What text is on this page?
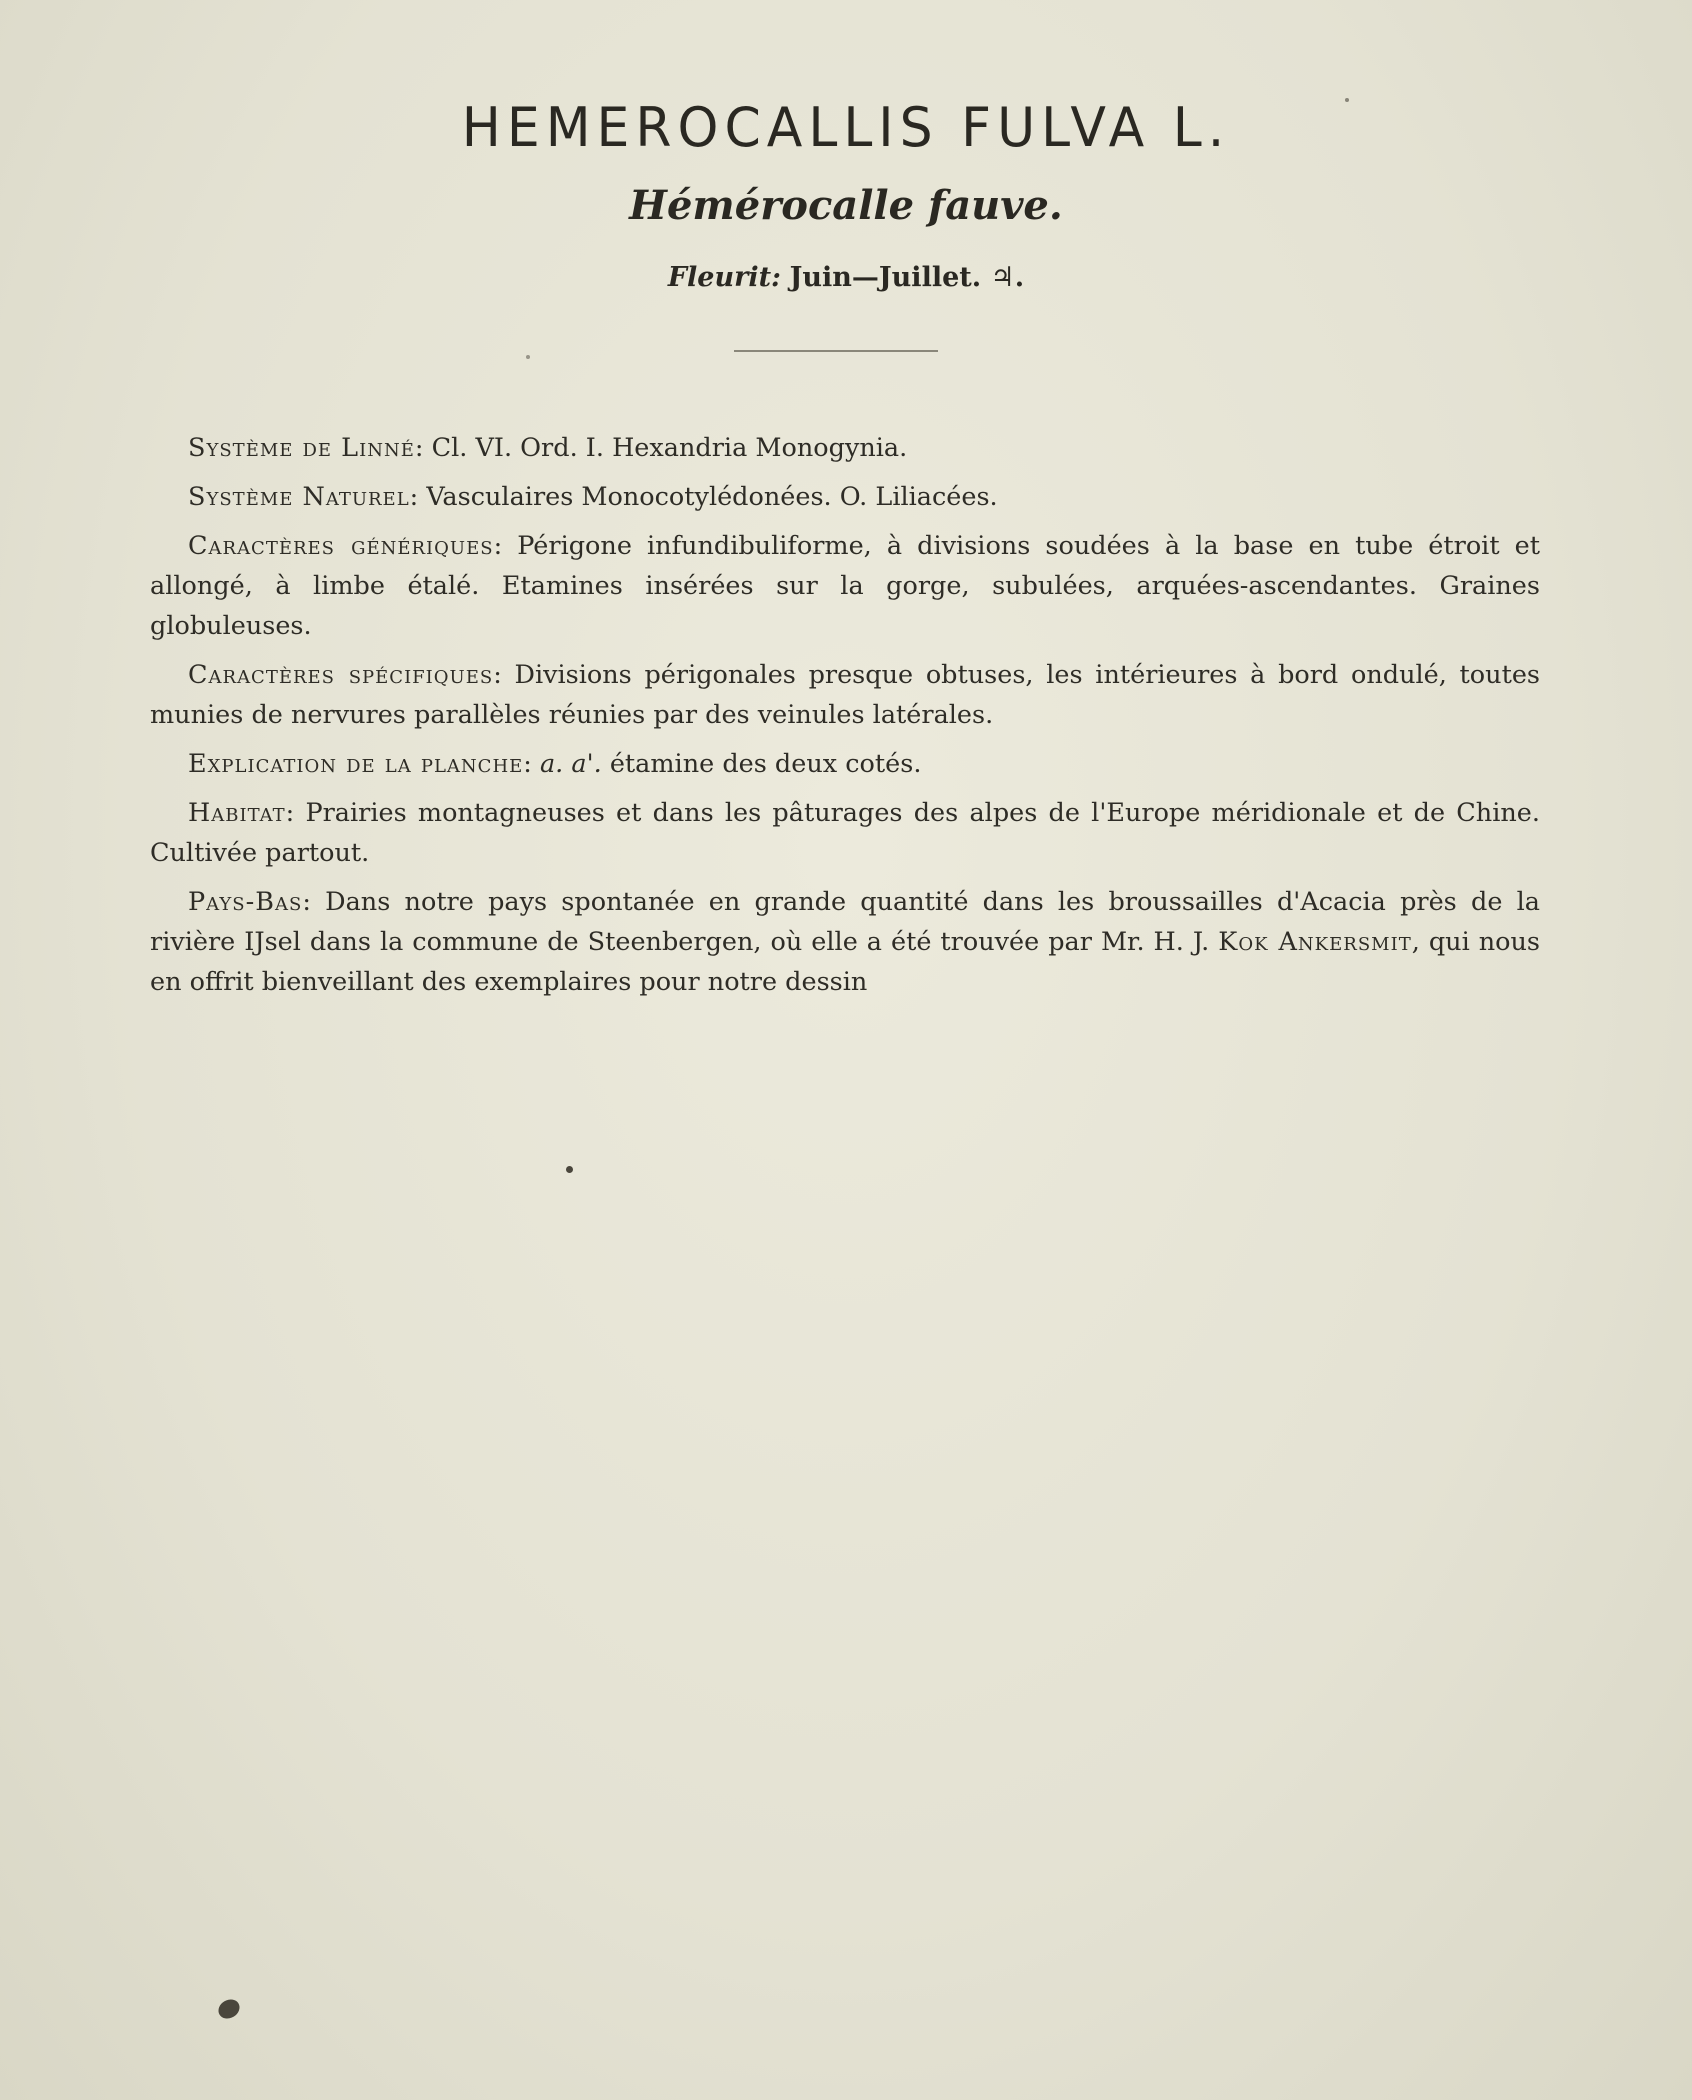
HEMEROCALLIS FULVA L.
Hémérocalle fauve.
Fleurit: Juin—Juillet. ♃.

Système de Linné: Cl. VI. Ord. I. Hexandria Monogynia.

Système Naturel: Vasculaires Monocotylédonées. O. Liliacées.

Caractères génériques: Périgone infundibuliforme, à divisions soudées à la base en tube étroit et allongé, à limbe étalé. Etamines insérées sur la gorge, subulées, arquées-ascendantes. Graines globuleuses.

Caractères spécifiques: Divisions périgonales presque obtuses, les intérieures à bord ondulé, toutes munies de nervures parallèles réunies par des veinules latérales.

Explication de la planche: a. a'. étamine des deux cotés.

Habitat: Prairies montagneuses et dans les pâturages des alpes de l'Europe méridionale et de Chine. Cultivée partout.

Pays-Bas: Dans notre pays spontanée en grande quantité dans les broussailles d'Acacia près de la rivière IJsel dans la commune de Steenbergen, où elle a été trouvée par Mr. H. J. Kok Ankersmit, qui nous en offrit bienveillant des exemplaires pour notre dessin
